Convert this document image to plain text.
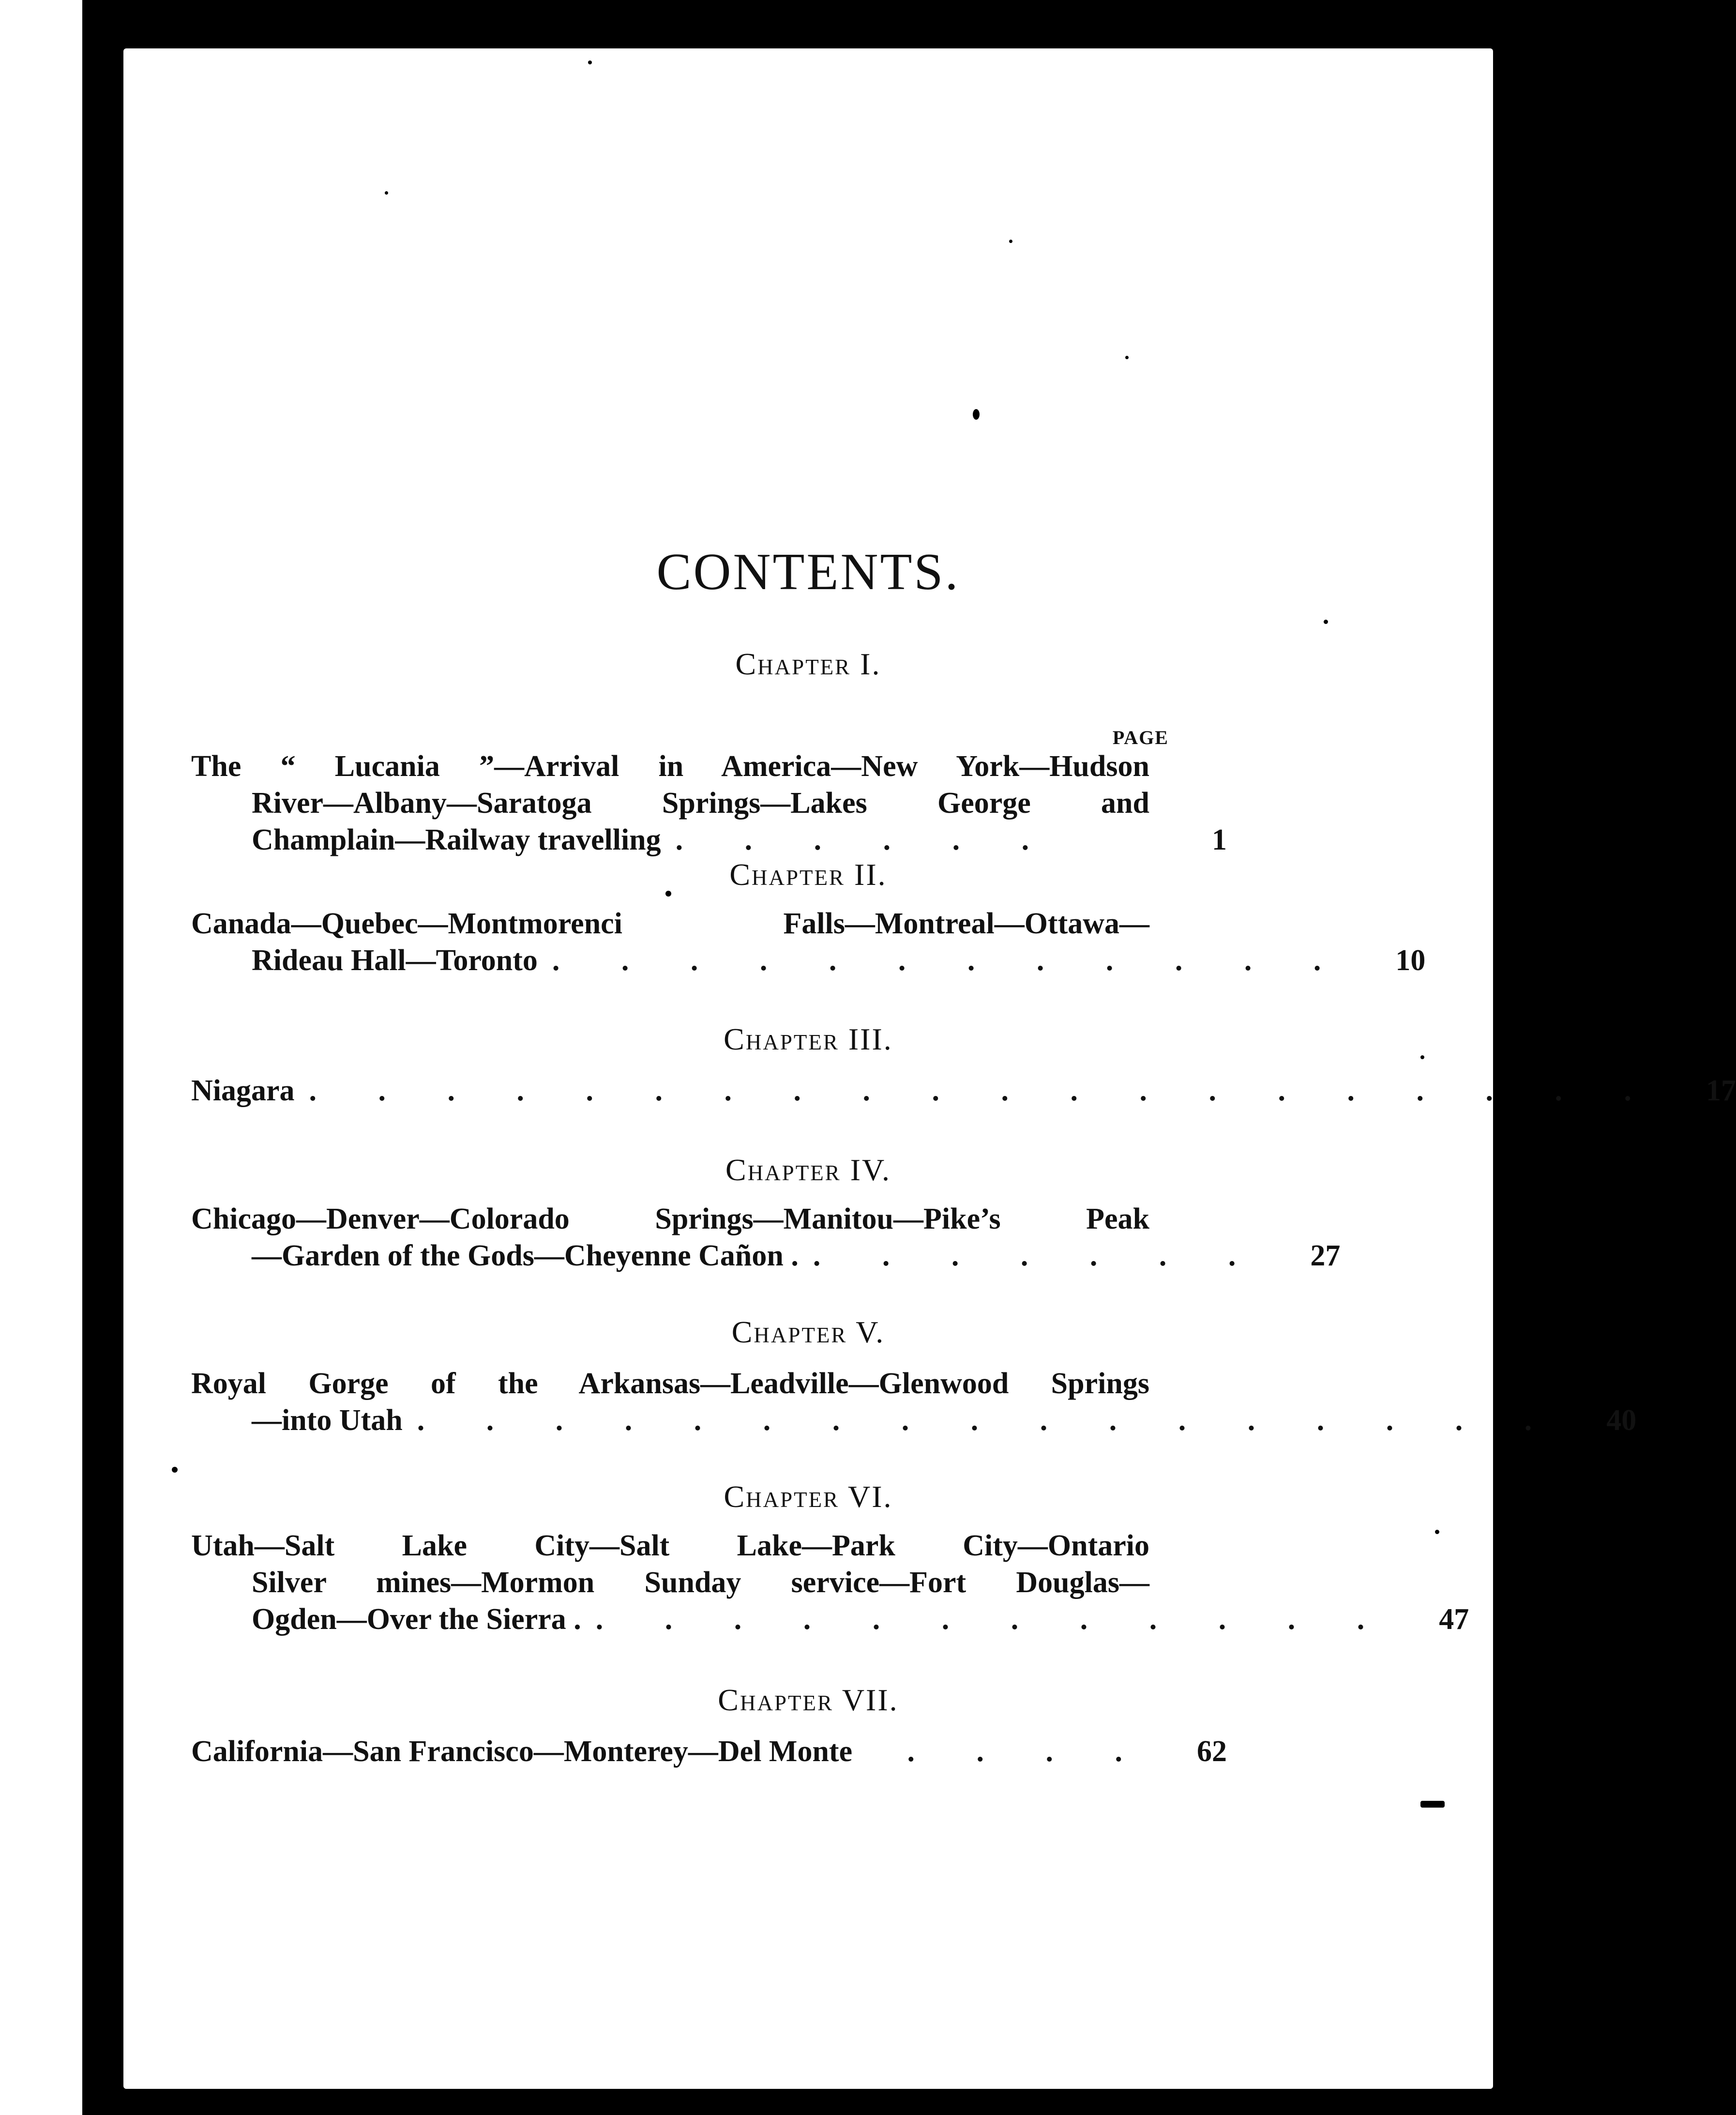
CONTENTS.
PAGE
Chapter I.
The “ Lucania ”—Arrival in America—New York—Hudson
River—Albany—Saratoga Springs—Lakes George and
Champlain—Railway travelling . . . . . .	1
Chapter II.
Canada—Quebec—Montmorenci Falls—Montreal—Ottawa—
Rideau Hall—Toronto . . . . . . . . . . . .	10
Chapter III.
Niagara . . . . . . . . . . . . . . . . . . . .	17
Chapter IV.
Chicago—Denver—Colorado Springs—Manitou—Pike’s Peak
—Garden of the Gods—Cheyenne Cañon . . . . . . . .	27
Chapter V.
Royal Gorge of the Arkansas—Leadville—Glenwood Springs
—into Utah . . . . . . . . . . . . . . . . .	40
Chapter VI.
Utah—Salt Lake City—Salt Lake—Park City—Ontario
Silver mines—Mormon Sunday service—Fort Douglas—
Ogden—Over the Sierra . . . . . . . . . . . . .	47
Chapter VII.
California—San Francisco—Monterey—Del Monte	. . . .	62
